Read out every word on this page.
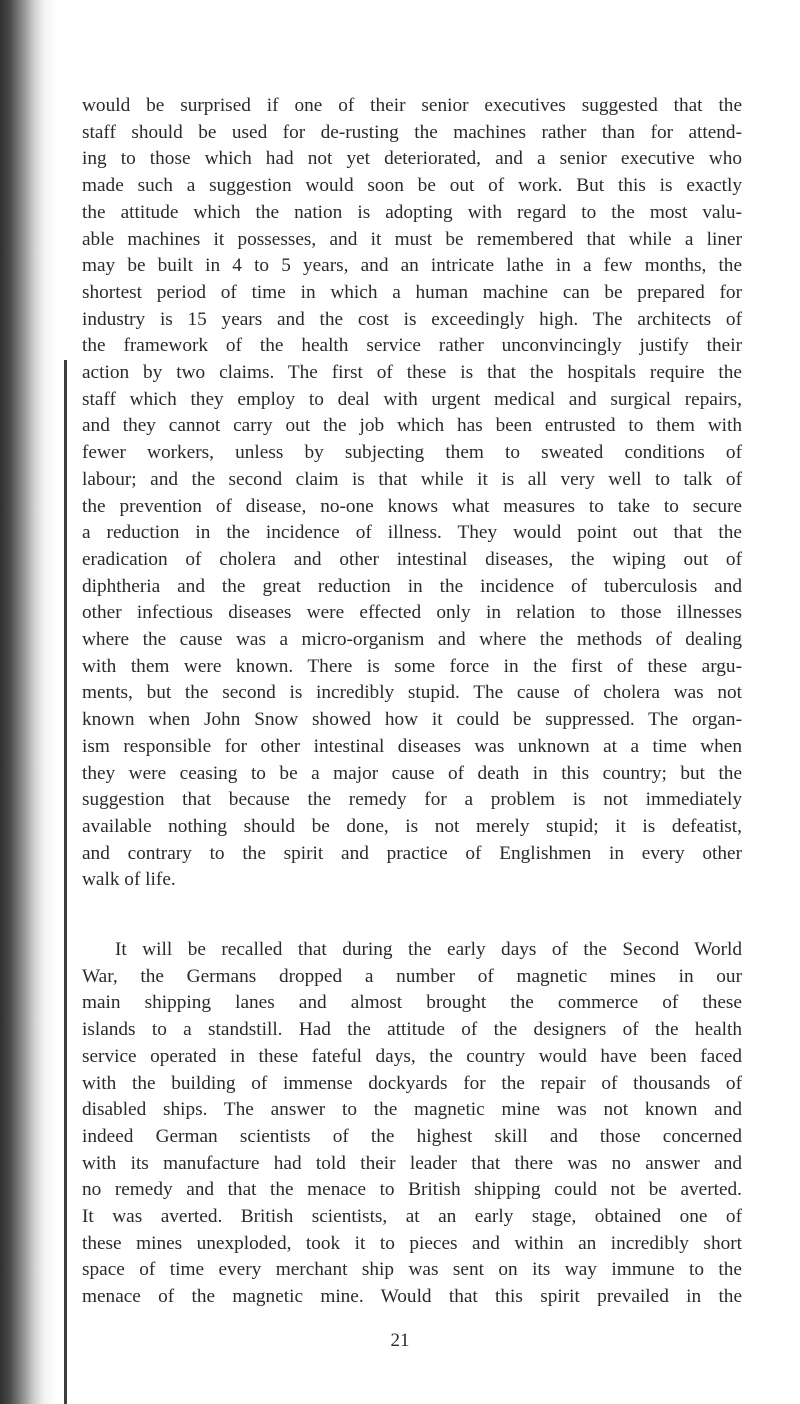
would be surprised if one of their senior executives suggested that the
staff should be used for de-rusting the machines rather than for attend-
ing to those which had not yet deteriorated, and a senior executive who
made such a suggestion would soon be out of work. But this is exactly
the attitude which the nation is adopting with regard to the most valu-
able machines it possesses, and it must be remembered that while a liner
may be built in 4 to 5 years, and an intricate lathe in a few months, the
shortest period of time in which a human machine can be prepared for
industry is 15 years and the cost is exceedingly high. The architects of
the framework of the health service rather unconvincingly justify their
action by two claims. The first of these is that the hospitals require the
staff which they employ to deal with urgent medical and surgical repairs,
and they cannot carry out the job which has been entrusted to them with
fewer workers, unless by subjecting them to sweated conditions of
labour; and the second claim is that while it is all very well to talk of
the prevention of disease, no-one knows what measures to take to secure
a reduction in the incidence of illness. They would point out that the
eradication of cholera and other intestinal diseases, the wiping out of
diphtheria and the great reduction in the incidence of tuberculosis and
other infectious diseases were effected only in relation to those illnesses
where the cause was a micro-organism and where the methods of dealing
with them were known. There is some force in the first of these argu-
ments, but the second is incredibly stupid. The cause of cholera was not
known when John Snow showed how it could be suppressed. The organ-
ism responsible for other intestinal diseases was unknown at a time when
they were ceasing to be a major cause of death in this country; but the
suggestion that because the remedy for a problem is not immediately
available nothing should be done, is not merely stupid; it is defeatist,
and contrary to the spirit and practice of Englishmen in every other
walk of life.
It will be recalled that during the early days of the Second World
War, the Germans dropped a number of magnetic mines in our
main shipping lanes and almost brought the commerce of these
islands to a standstill. Had the attitude of the designers of the health
service operated in these fateful days, the country would have been faced
with the building of immense dockyards for the repair of thousands of
disabled ships. The answer to the magnetic mine was not known and
indeed German scientists of the highest skill and those concerned
with its manufacture had told their leader that there was no answer and
no remedy and that the menace to British shipping could not be averted.
It was averted. British scientists, at an early stage, obtained one of
these mines unexploded, took it to pieces and within an incredibly short
space of time every merchant ship was sent on its way immune to the
menace of the magnetic mine. Would that this spirit prevailed in the
21
